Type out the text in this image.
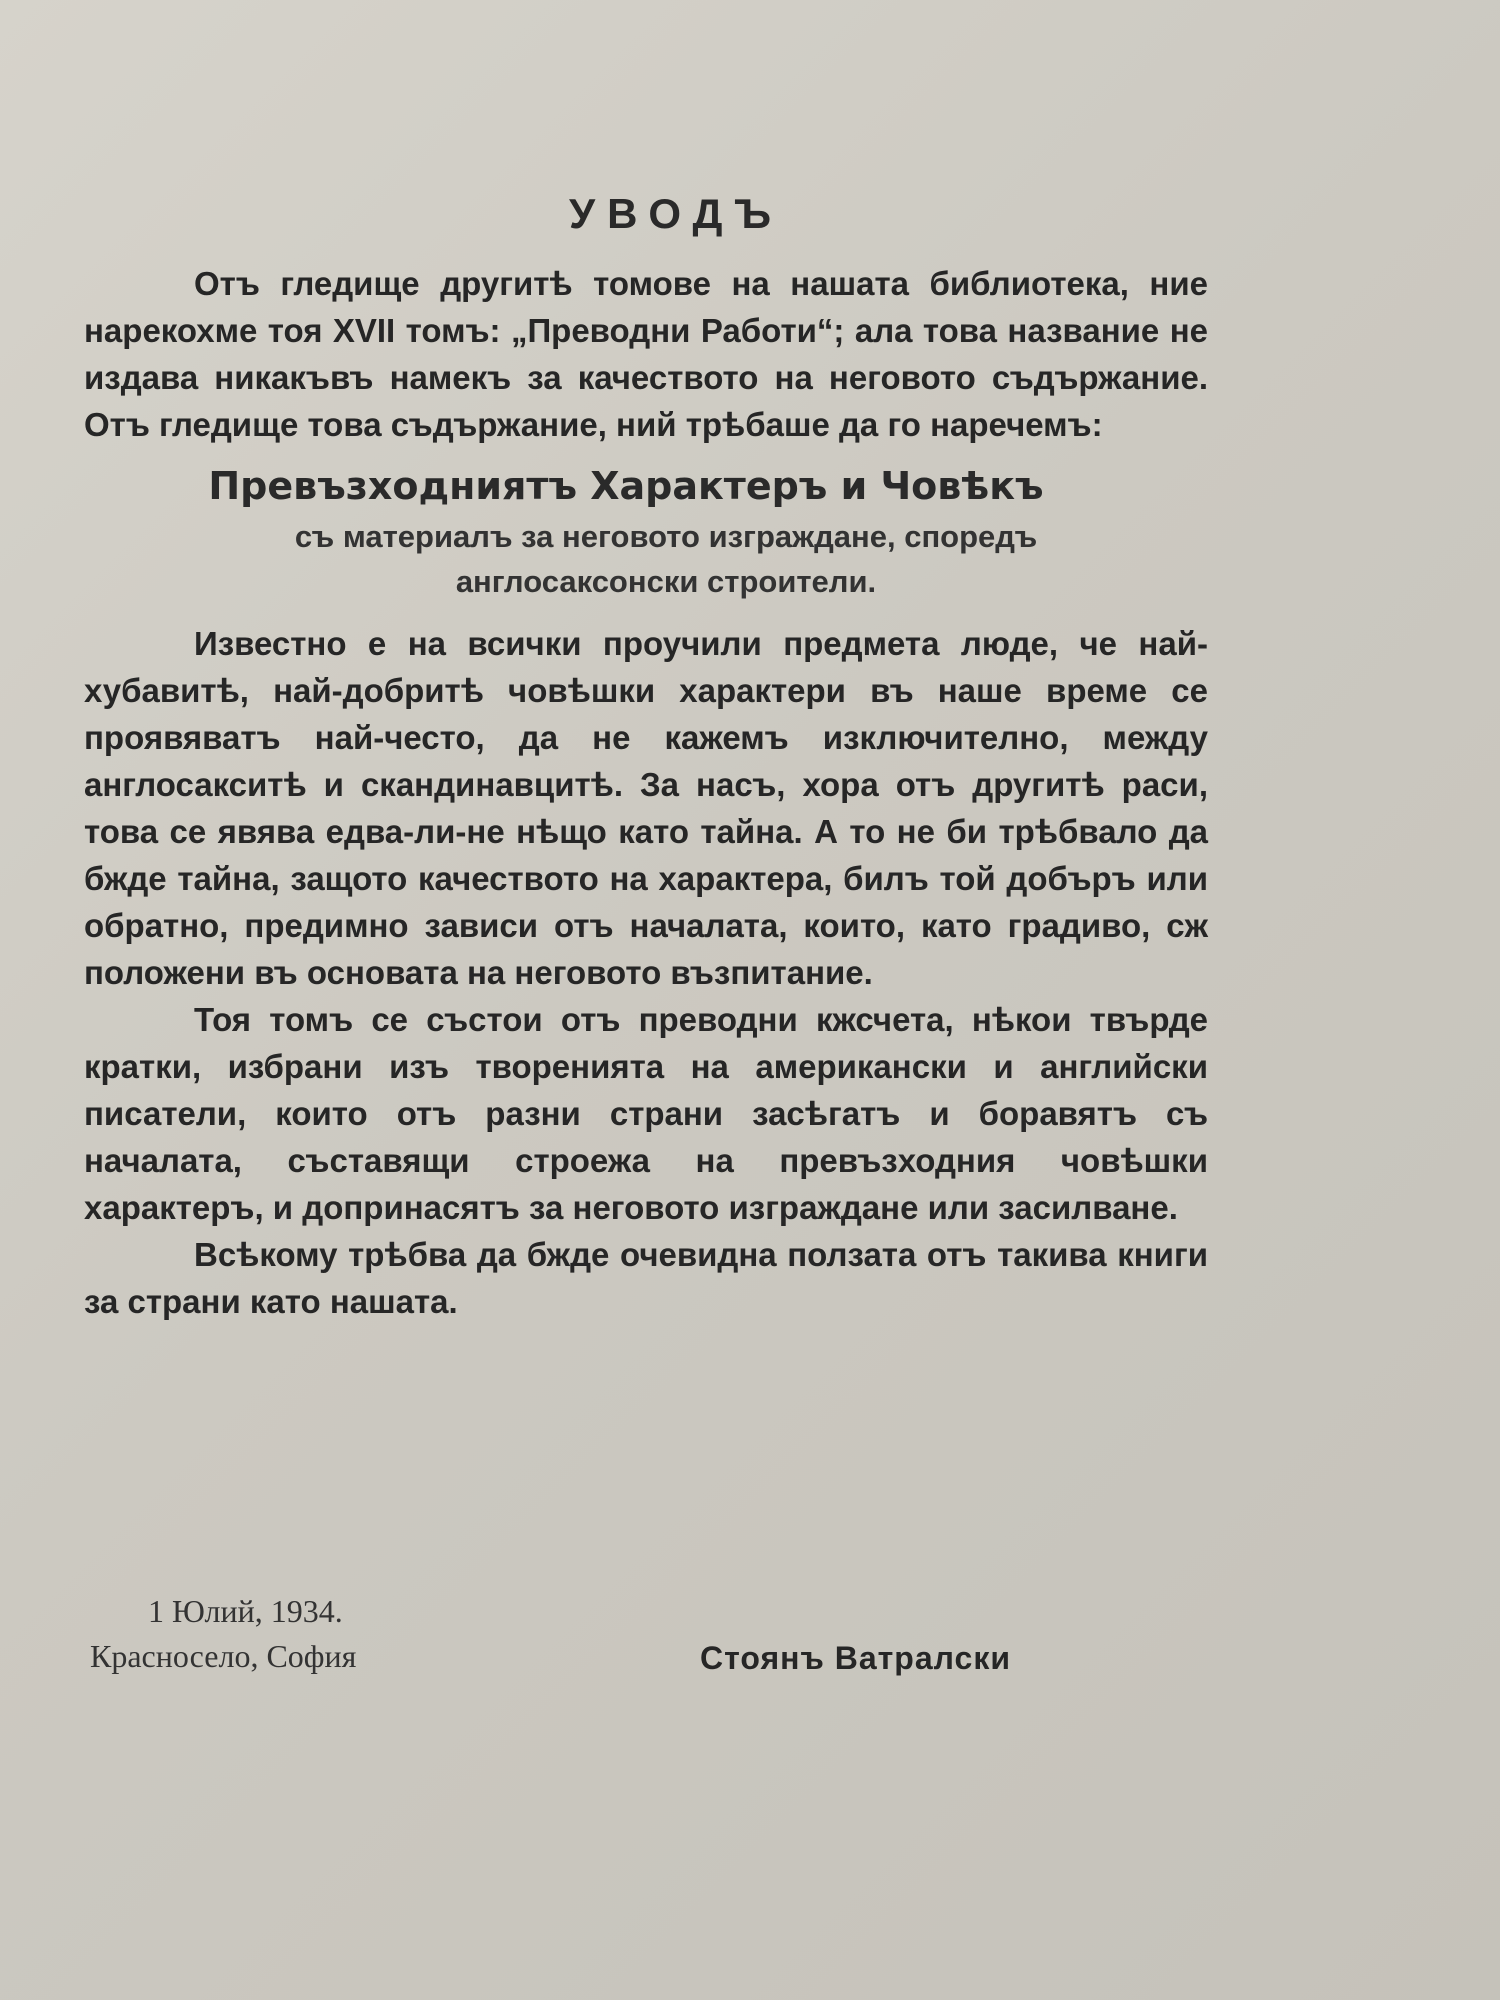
УВОДЪ

Отъ гледище другитѣ томове на нашата библиотека, ние нарекохме тоя XVII томъ: „Преводни Работи“; ала това название не издава никакъвъ намекъ за качеството на неговото съдържание. Отъ гледище това съдържание, ний трѣбаше да го наречемъ:

Превъзходниятъ Характеръ и Човѣкъ
съ материалъ за неговото изграждане, споредъ
англосаксонски строители.

Известно е на всички проучили предмета люде, че най-хубавитѣ, най-добритѣ човѣшки характери въ наше време се проявяватъ най-често, да не кажемъ изключително, между англосакситѣ и скандинавцитѣ. За насъ, хора отъ другитѣ раси, това се явява едва-ли-не нѣщо като тайна. А то не би трѣбвало да бжде тайна, защото качеството на характера, билъ той добъръ или обратно, предимно зависи отъ началата, които, като градиво, сж положени въ основата на неговото възпитание.

Тоя томъ се състои отъ преводни кжсчета, нѣкои твърде кратки, избрани изъ творенията на американски и английски писатели, които отъ разни страни засѣгатъ и боравятъ съ началата, съставящи строежа на превъзходния човѣшки характеръ, и допринасятъ за неговото изграждане или засилване.

Всѣкому трѣбва да бжде очевидна ползата отъ такива книги за страни като нашата.

1 Юлий, 1934.
Красносело, София	Стоянъ Ватралски
